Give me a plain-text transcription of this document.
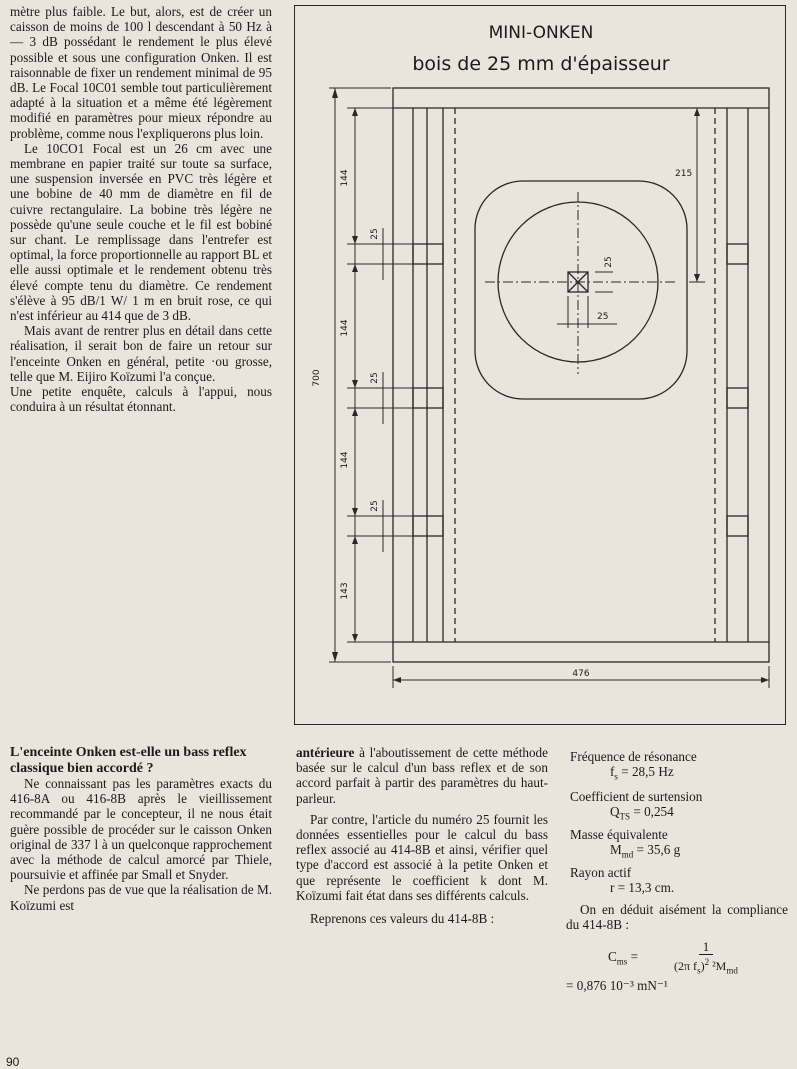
mètre plus faible. Le but, alors, est de créer un caisson de moins de 100 l descendant à 50 Hz à — 3 dB possédant le rendement le plus élevé possible et sous une configuration Onken. Il est raisonnable de fixer un rendement minimal de 95 dB. Le Focal 10C01 semble tout particulièrement adapté à la situation et a même été légèrement modifié en paramètres pour mieux répondre au problème, comme nous l'expliquerons plus loin.

Le 10CO1 Focal est un 26 cm avec une membrane en papier traité sur toute sa surface, une suspension inversée en PVC très légère et une bobine de 40 mm de diamètre en fil de cuivre rectangulaire. La bobine très légère ne possède qu'une seule couche et le fil est bobiné sur chant. Le remplissage dans l'entrefer est optimal, la force proportionnelle au rapport BL et elle aussi optimale et le rendement obtenu très élevé compte tenu du diamètre. Ce rendement s'élève à 95 dB/1 W/ 1 m en bruit rose, ce qui n'est inférieur au 414 que de 3 dB.

Mais avant de rentrer plus en détail dans cette réalisation, il serait bon de faire un retour sur l'enceinte Onken en général, petite ·ou grosse, telle que M. Eijiro Koïzumi l'a conçue.

Une petite enquête, calculs à l'appui, nous conduira à un résultat étonnant.

MINI-ONKEN
bois de 25 mm d'épaisseur
700
476
144
144
144
143
25
25
25
215
25
25
L'enceinte Onken est-elle un bass reflex classique bien accordé ?

Ne connaissant pas les paramètres exacts du 416-8A ou 416-8B après le vieillissement recommandé par le concepteur, il ne nous était guère possible de procéder sur le caisson Onken original de 337 l à un quelconque rapprochement avec la méthode de calcul amorcé par Thiele, poursuivie et affinée par Small et Snyder.

Ne perdons pas de vue que la réalisation de M. Koïzumi est

antérieure à l'aboutissement de cette méthode basée sur le calcul d'un bass reflex et de son accord parfait à partir des paramètres du haut-parleur.

Par contre, l'article du numéro 25 fournit les données essentielles pour le calcul du bass reflex associé au 414-8B et ainsi, vérifier quel type d'accord est associé à la petite Onken et que représente le coefficient k dont M. Koïzumi fait état dans ses différents calculs.

Reprenons ces valeurs du 414-8B :

Fréquence de résonance

$f_s = 28,5$ Hz

Coefficient de surtension

$Q_{TS} = 0,254$

Masse équivalente

$M_{md} = 35,6$ g

Rayon actif

r = 13,3 cm.

On en déduit aisément la compliance du 414-8B :

$C_{ms}$ =	$\frac{1}{(2\pi f_s)^2 ^2M_{md}}$

= 0,876 10⁻³ mN⁻¹

90
